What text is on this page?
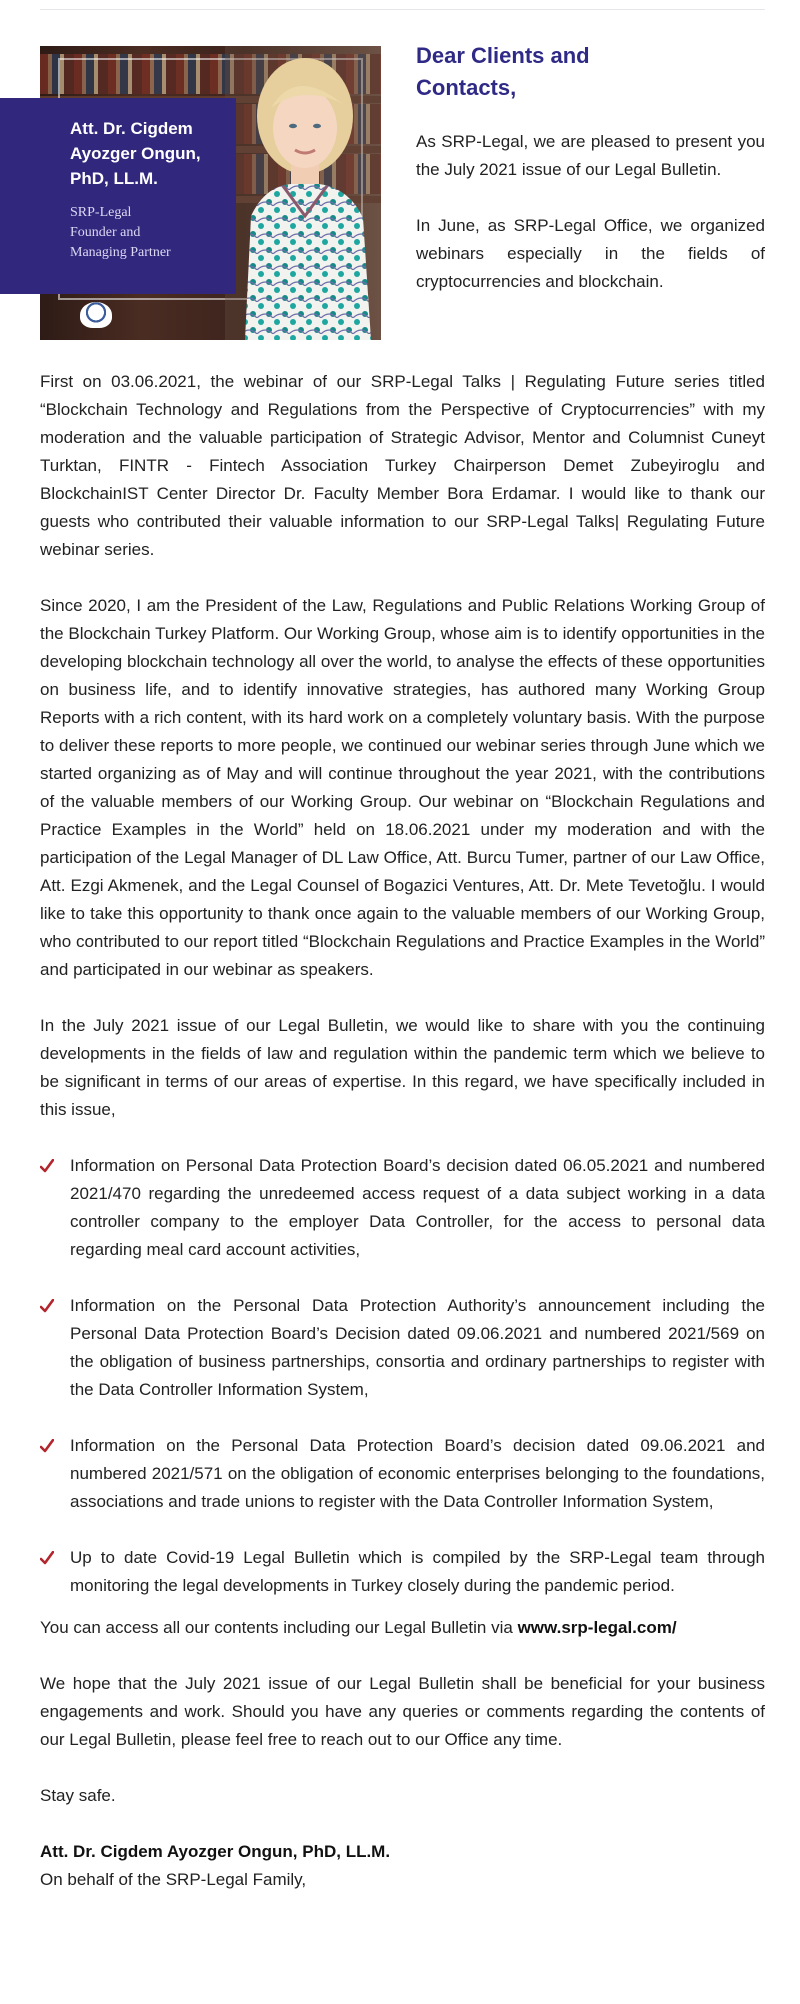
Att. Dr. Cigdem Ayozger Ongun, PhD, LL.M.
SRP-Legal
Founder and
Managing Partner
Dear Clients and Contacts,
As SRP-Legal, we are pleased to present you the July 2021 issue of our Legal Bulletin.
In June, as SRP-Legal Office, we organized webinars especially in the fields of cryptocurrencies and blockchain.

First on 03.06.2021, the webinar of our SRP-Legal Talks | Regulating Future series titled “Blockchain Technology and Regulations from the Perspective of Cryptocurrencies” with my moderation and the valuable participation of Strategic Advisor, Mentor and Columnist Cuneyt Turktan, FINTR - Fintech Association Turkey Chairperson Demet Zubeyiroglu and BlockchainIST Center Director Dr. Faculty Member Bora Erdamar. I would like to thank our guests who contributed their valuable information to our SRP-Legal Talks| Regulating Future webinar series.

Since 2020, I am the President of the Law, Regulations and Public Relations Working Group of the Blockchain Turkey Platform. Our Working Group, whose aim is to identify opportunities in the developing blockchain technology all over the world, to analyse the effects of these opportunities on business life, and to identify innovative strategies, has authored many Working Group Reports with a rich content, with its hard work on a completely voluntary basis. With the purpose to deliver these reports to more people, we continued our webinar series through June which we started organizing as of May and will continue throughout the year 2021, with the contributions of the valuable members of our Working Group. Our webinar on “Blockchain Regulations and Practice Examples in the World” held on 18.06.2021 under my moderation and with the participation of the Legal Manager of DL Law Office, Att. Burcu Tumer, partner of our Law Office, Att. Ezgi Akmenek, and the Legal Counsel of Bogazici Ventures, Att. Dr. Mete Tevetoğlu. I would like to take this opportunity to thank once again to the valuable members of our Working Group, who contributed to our report titled “Blockchain Regulations and Practice Examples in the World” and participated in our webinar as speakers.

In the July 2021 issue of our Legal Bulletin, we would like to share with you the continuing developments in the fields of law and regulation within the pandemic term which we believe to be significant in terms of our areas of expertise. In this regard, we have specifically included in this issue,

Information on Personal Data Protection Board’s decision dated 06.05.2021 and numbered 2021/470 regarding the unredeemed access request of a data subject working in a data controller company to the employer Data Controller, for the access to personal data regarding meal card account activities,
Information on the Personal Data Protection Authority’s announcement including the Personal Data Protection Board’s Decision dated 09.06.2021 and numbered 2021/569 on the obligation of business partnerships, consortia and ordinary partnerships to register with the Data Controller Information System,
Information on the Personal Data Protection Board’s decision dated 09.06.2021 and numbered 2021/571 on the obligation of economic enterprises belonging to the foundations, associations and trade unions to register with the Data Controller Information System,
Up to date Covid-19 Legal Bulletin which is compiled by the SRP-Legal team through monitoring the legal developments in Turkey closely during the pandemic period.

You can access all our contents including our Legal Bulletin via www.srp-legal.com/

We hope that the July 2021 issue of our Legal Bulletin shall be beneficial for your business engagements and work. Should you have any queries or comments regarding the contents of our Legal Bulletin, please feel free to reach out to our Office any time.

Stay safe.

Att. Dr. Cigdem Ayozger Ongun, PhD, LL.M.

On behalf of the SRP-Legal Family,
